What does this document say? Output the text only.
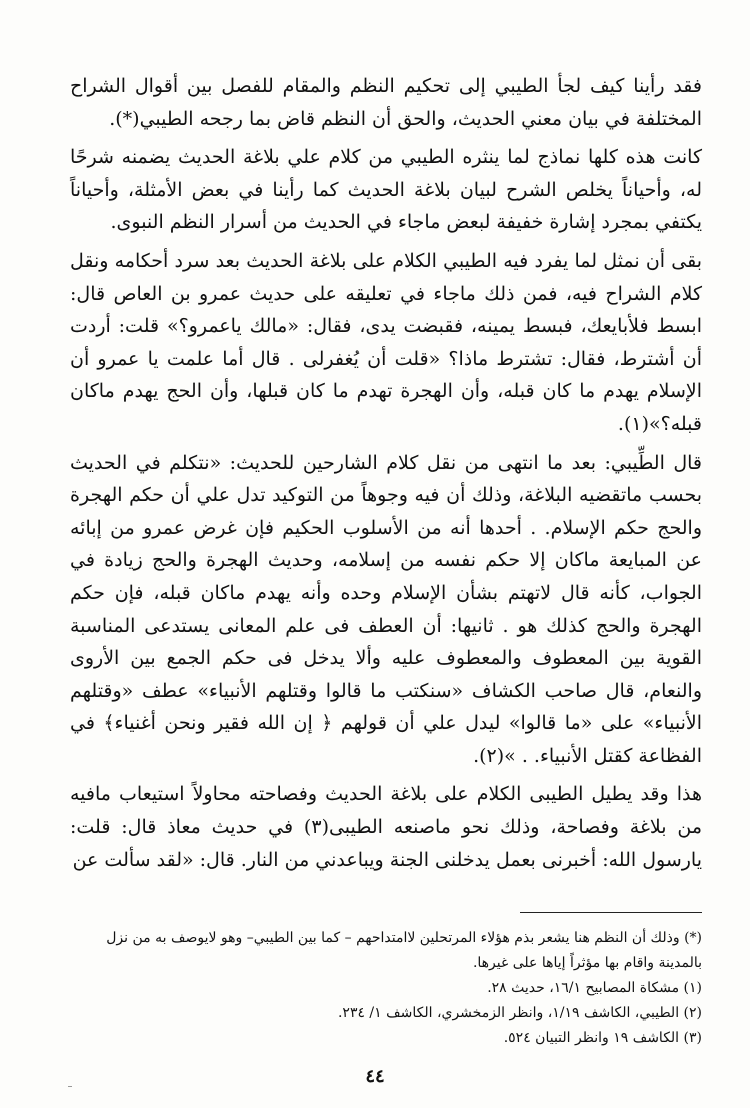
فقد رأينا كيف لجأ الطيبي إلى تحكيم النظم والمقام للفصل بين أقوال الشراح المختلفة في بيان معني الحديث، والحق أن النظم قاض بما رجحه الطيبي(*).

كانت هذه كلها نماذج لما ينثره الطيبي من كلام علي بلاغة الحديث يضمنه شرحًا له، وأحياناً يخلص الشرح لبيان بلاغة الحديث كما رأينا في بعض الأمثلة، وأحياناً يكتفي بمجرد إشارة خفيفة لبعض ماجاء في الحديث من أسرار النظم النبوى.

بقى أن نمثل لما يفرد فيه الطيبي الكلام على بلاغة الحديث بعد سرد أحكامه ونقل كلام الشراح فيه، فمن ذلك ماجاء في تعليقه على حديث عمرو بن العاص قال: ابسط فلأبايعك، فبسط يمينه، فقبضت يدى، فقال: «مالك ياعمرو؟» قلت: أردت أن أشترط، فقال: تشترط ماذا؟ «قلت أن يُغفرلى . قال أما علمت يا عمرو أن الإسلام يهدم ما كان قبله، وأن الهجرة تهدم ما كان قبلها، وأن الحج يهدم ماكان قبله؟»(١).

قال الطِّيبي: بعد ما انتهى من نقل كلام الشارحين للحديث: «نتكلم في الحديث بحسب ماتقضيه البلاغة، وذلك أن فيه وجوهاً من التوكيد تدل علي أن حكم الهجرة والحج حكم الإسلام. . أحدها أنه من الأسلوب الحكيم فإن غرض عمرو من إبائه عن المبايعة ماكان إلا حكم نفسه من إسلامه، وحديث الهجرة والحج زيادة في الجواب، كأنه قال لاتهتم بشأن الإسلام وحده وأنه يهدم ماكان قبله، فإن حكم الهجرة والحج كذلك هو . ثانيها: أن العطف فى علم المعانى يستدعى المناسبة القوية بين المعطوف والمعطوف عليه وألا يدخل فى حكم الجمع بين الأروى والنعام، قال صاحب الكشاف «سنكتب ما قالوا وقتلهم الأنبياء» عطف «وقتلهم الأنبياء» على «ما قالوا» ليدل علي أن قولهم ﴿ إن الله فقير ونحن أغنياء﴾ في الفظاعة كقتل الأنبياء. . »(٢).

هذا وقد يطيل الطيبى الكلام على بلاغة الحديث وفصاحته محاولاً استيعاب مافيه من بلاغة وفصاحة، وذلك نحو ماصنعه الطيبى(٣) في حديث معاذ قال: قلت: يارسول الله: أخبرنى بعمل يدخلنى الجنة ويباعدني من النار. قال: «لقد سألت عن

(*) وذلك أن النظم هنا يشعر بذم هؤلاء المرتحلين لاامتداحهم – كما بين الطيبي– وهو لايوصف به من نزل بالمدينة واقام بها مؤثراً إياها على غيرها.

(١) مشكاة المصابيح ١٦/١، حديث ٢٨.

(٢) الطيبي، الكاشف ١/١٩، وانظر الزمخشري، الكاشف ١/ ٢٣٤.

(٣) الكاشف ١٩ وانظر التبيان ٥٢٤.

٤٤
